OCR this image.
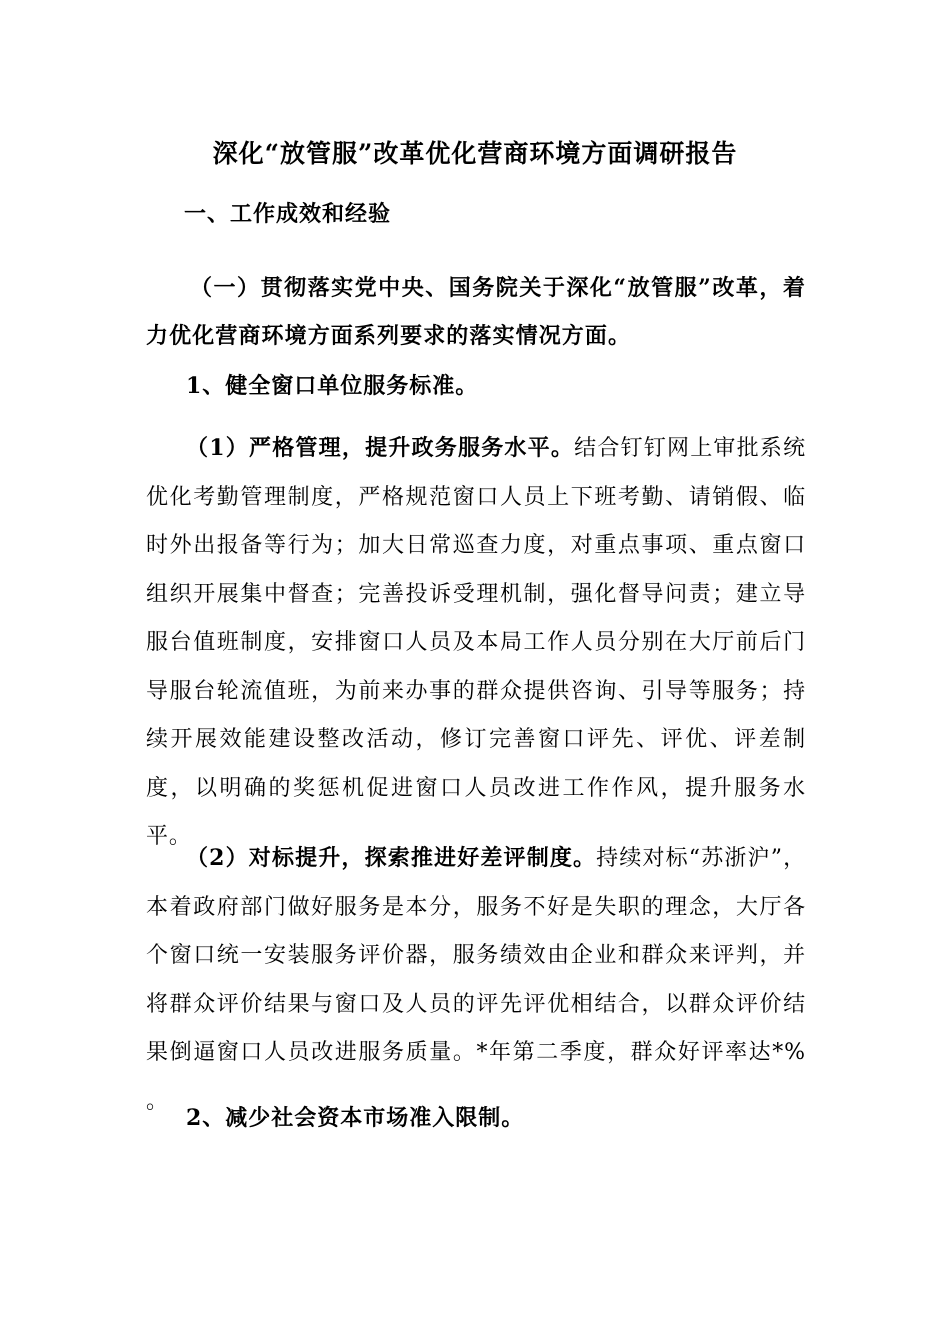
深化“放管服”改革优化营商环境方面调研报告
一、工作成效和经验
（一）贯彻落实党中央、国务院关于深化“放管服”改革，着力优化营商环境方面系列要求的落实情况方面。
1、健全窗口单位服务标准。

（1）严格管理，提升政务服务水平。结合钉钉网上审批系统优化考勤管理制度，严格规范窗口人员上下班考勤、请销假、临时外出报备等行为；加大日常巡查力度，对重点事项、重点窗口组织开展集中督查；完善投诉受理机制，强化督导问责；建立导服台值班制度，安排窗口人员及本局工作人员分别在大厅前后门导服台轮流值班，为前来办事的群众提供咨询、引导等服务；持续开展效能建设整改活动，修订完善窗口评先、评优、评差制度，以明确的奖惩机促进窗口人员改进工作作风，提升服务水平。

（2）对标提升，探索推进好差评制度。持续对标“苏浙沪”，本着政府部门做好服务是本分，服务不好是失职的理念，大厅各个窗口统一安装服务评价器，服务绩效由企业和群众来评判，并将群众评价结果与窗口及人员的评先评优相结合，以群众评价结果倒逼窗口人员改进服务质量。*年第二季度，群众好评率达*% 。

2、减少社会资本市场准入限制。
